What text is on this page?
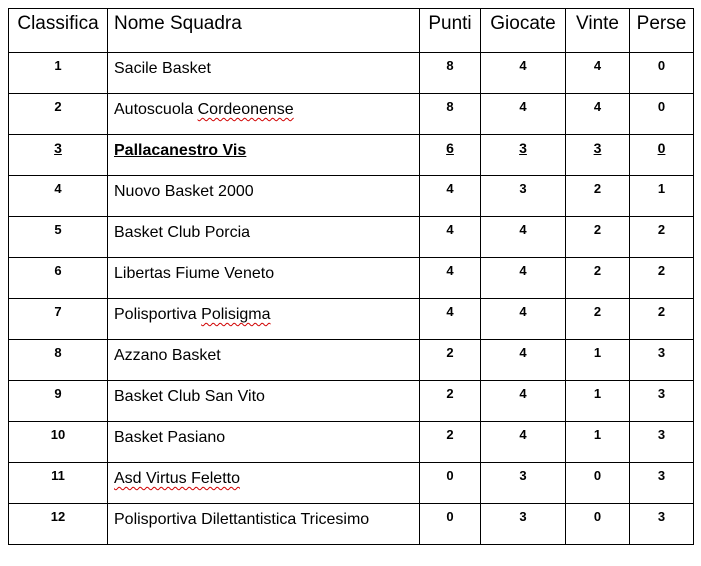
Classifica	Nome Squadra	Punti	Giocate	Vinte	Perse
1	Sacile Basket	8	4	4	0
2	Autoscuola Cordeonense	8	4	4	0
3	Pallacanestro Vis	6	3	3	0
4	Nuovo Basket 2000	4	3	2	1
5	Basket Club Porcia	4	4	2	2
6	Libertas Fiume Veneto	4	4	2	2
7	Polisportiva Polisigma	4	4	2	2
8	Azzano Basket	2	4	1	3
9	Basket Club San Vito	2	4	1	3
10	Basket Pasiano	2	4	1	3
11	Asd Virtus Feletto	0	3	0	3
12	Polisportiva Dilettantistica Tricesimo	0	3	0	3
